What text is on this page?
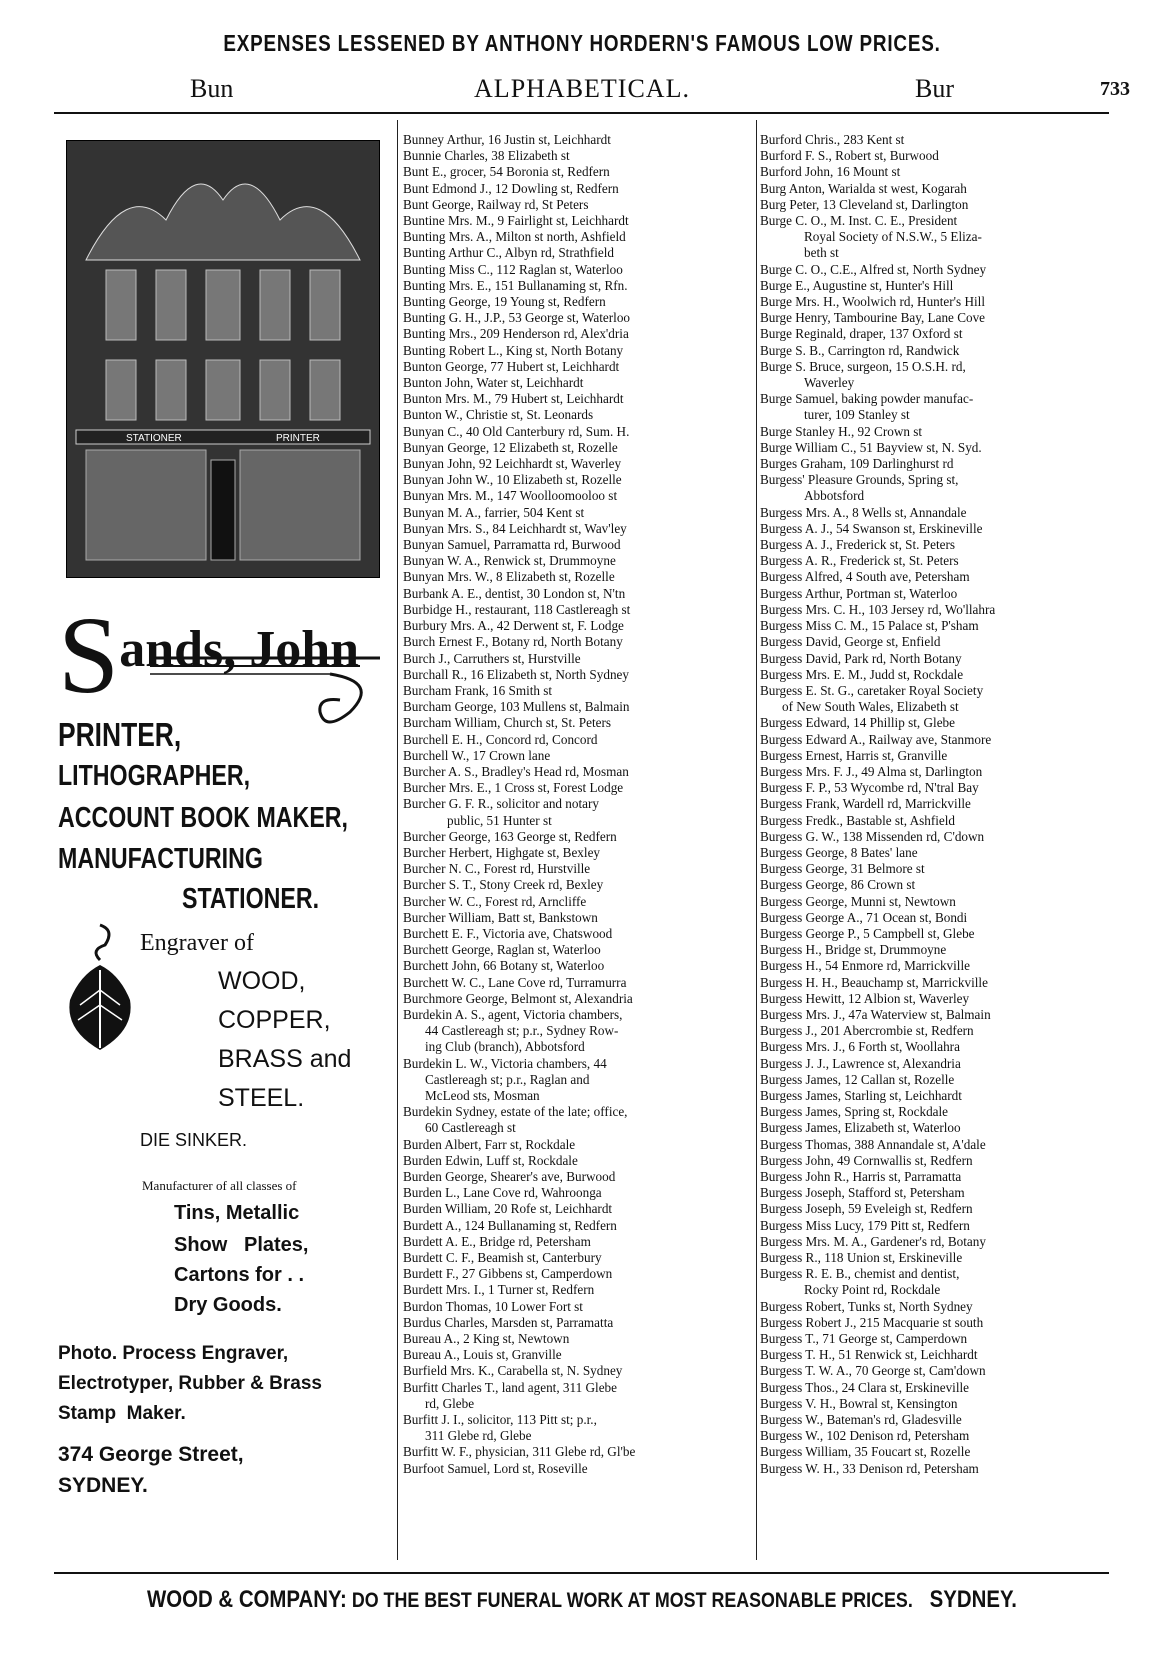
EXPENSES LESSENED BY ANTHONY HORDERN'S FAMOUS LOW PRICES.
Bun	ALPHABETICAL.	Bur	733
STATIONER	PRINTER
Sands, John
PRINTER,
LITHOGRAPHER,
ACCOUNT BOOK MAKER,
MANUFACTURING
STATIONER.
Engraver of
WOOD,
COPPER,
BRASS and
STEEL.
DIE SINKER.
Manufacturer of all classes of
Tins, Metallic
Show   Plates,
Cartons for . .
Dry Goods.
Photo. Process Engraver,
Electrotyper, Rubber & Brass
Stamp  Maker.
374 George Street,
SYDNEY.
Bunney Arthur, 16 Justin st, Leichhardt
Bunnie Charles, 38 Elizabeth st
Bunt E., grocer, 54 Boronia st, Redfern
Bunt Edmond J., 12 Dowling st, Redfern
Bunt George, Railway rd, St Peters
Buntine Mrs. M., 9 Fairlight st, Leichhardt
Bunting Mrs. A., Milton st north, Ashfield
Bunting Arthur C., Albyn rd, Strathfield
Bunting Miss C., 112 Raglan st, Waterloo
Bunting Mrs. E., 151 Bullanaming st, Rfn.
Bunting George, 19 Young st, Redfern
Bunting G. H., J.P., 53 George st, Waterloo
Bunting Mrs., 209 Henderson rd, Alex'dria
Bunting Robert L., King st, North Botany
Bunton George, 77 Hubert st, Leichhardt
Bunton John, Water st, Leichhardt
Bunton Mrs. M., 79 Hubert st, Leichhardt
Bunton W., Christie st, St. Leonards
Bunyan C., 40 Old Canterbury rd, Sum. H.
Bunyan George, 12 Elizabeth st, Rozelle
Bunyan John, 92 Leichhardt st, Waverley
Bunyan John W., 10 Elizabeth st, Rozelle
Bunyan Mrs. M., 147 Woolloomooloo st
Bunyan M. A., farrier, 504 Kent st
Bunyan Mrs. S., 84 Leichhardt st, Wav'ley
Bunyan Samuel, Parramatta rd, Burwood
Bunyan W. A., Renwick st, Drummoyne
Bunyan Mrs. W., 8 Elizabeth st, Rozelle
Burbank A. E., dentist, 30 London st, N'tn
Burbidge H., restaurant, 118 Castlereagh st
Burbury Mrs. A., 42 Derwent st, F. Lodge
Burch Ernest F., Botany rd, North Botany
Burch J., Carruthers st, Hurstville
Burchall R., 16 Elizabeth st, North Sydney
Burcham Frank, 16 Smith st
Burcham George, 103 Mullens st, Balmain
Burcham William, Church st, St. Peters
Burchell E. H., Concord rd, Concord
Burchell W., 17 Crown lane
Burcher A. S., Bradley's Head rd, Mosman
Burcher Mrs. E., 1 Cross st, Forest Lodge
Burcher G. F. R., solicitor and notary
public, 51 Hunter st
Burcher George, 163 George st, Redfern
Burcher Herbert, Highgate st, Bexley
Burcher N. C., Forest rd, Hurstville
Burcher S. T., Stony Creek rd, Bexley
Burcher W. C., Forest rd, Arncliffe
Burcher William, Batt st, Bankstown
Burchett E. F., Victoria ave, Chatswood
Burchett George, Raglan st, Waterloo
Burchett John, 66 Botany st, Waterloo
Burchett W. C., Lane Cove rd, Turramurra
Burchmore George, Belmont st, Alexandria
Burdekin A. S., agent, Victoria chambers,
44 Castlereagh st; p.r., Sydney Row-
ing Club (branch), Abbotsford
Burdekin L. W., Victoria chambers, 44
Castlereagh st; p.r., Raglan and
McLeod sts, Mosman
Burdekin Sydney, estate of the late; office,
60 Castlereagh st
Burden Albert, Farr st, Rockdale
Burden Edwin, Luff st, Rockdale
Burden George, Shearer's ave, Burwood
Burden L., Lane Cove rd, Wahroonga
Burden William, 20 Rofe st, Leichhardt
Burdett A., 124 Bullanaming st, Redfern
Burdett A. E., Bridge rd, Petersham
Burdett C. F., Beamish st, Canterbury
Burdett F., 27 Gibbens st, Camperdown
Burdett Mrs. I., 1 Turner st, Redfern
Burdon Thomas, 10 Lower Fort st
Burdus Charles, Marsden st, Parramatta
Bureau A., 2 King st, Newtown
Bureau A., Louis st, Granville
Burfield Mrs. K., Carabella st, N. Sydney
Burfitt Charles T., land agent, 311 Glebe
rd, Glebe
Burfitt J. I., solicitor, 113 Pitt st; p.r.,
311 Glebe rd, Glebe
Burfitt W. F., physician, 311 Glebe rd, Gl'be
Burfoot Samuel, Lord st, Roseville
Burford Chris., 283 Kent st
Burford F. S., Robert st, Burwood
Burford John, 16 Mount st
Burg Anton, Warialda st west, Kogarah
Burg Peter, 13 Cleveland st, Darlington
Burge C. O., M. Inst. C. E., President
Royal Society of N.S.W., 5 Eliza-
beth st
Burge C. O., C.E., Alfred st, North Sydney
Burge E., Augustine st, Hunter's Hill
Burge Mrs. H., Woolwich rd, Hunter's Hill
Burge Henry, Tambourine Bay, Lane Cove
Burge Reginald, draper, 137 Oxford st
Burge S. B., Carrington rd, Randwick
Burge S. Bruce, surgeon, 15 O.S.H. rd,
Waverley
Burge Samuel, baking powder manufac-
turer, 109 Stanley st
Burge Stanley H., 92 Crown st
Burge William C., 51 Bayview st, N. Syd.
Burges Graham, 109 Darlinghurst rd
Burgess' Pleasure Grounds, Spring st,
Abbotsford
Burgess Mrs. A., 8 Wells st, Annandale
Burgess A. J., 54 Swanson st, Erskineville
Burgess A. J., Frederick st, St. Peters
Burgess A. R., Frederick st, St. Peters
Burgess Alfred, 4 South ave, Petersham
Burgess Arthur, Portman st, Waterloo
Burgess Mrs. C. H., 103 Jersey rd, Wo'llahra
Burgess Miss C. M., 15 Palace st, P'sham
Burgess David, George st, Enfield
Burgess David, Park rd, North Botany
Burgess Mrs. E. M., Judd st, Rockdale
Burgess E. St. G., caretaker Royal Society
of New South Wales, Elizabeth st
Burgess Edward, 14 Phillip st, Glebe
Burgess Edward A., Railway ave, Stanmore
Burgess Ernest, Harris st, Granville
Burgess Mrs. F. J., 49 Alma st, Darlington
Burgess F. P., 53 Wycombe rd, N'tral Bay
Burgess Frank, Wardell rd, Marrickville
Burgess Fredk., Bastable st, Ashfield
Burgess G. W., 138 Missenden rd, C'down
Burgess George, 8 Bates' lane
Burgess George, 31 Belmore st
Burgess George, 86 Crown st
Burgess George, Munni st, Newtown
Burgess George A., 71 Ocean st, Bondi
Burgess George P., 5 Campbell st, Glebe
Burgess H., Bridge st, Drummoyne
Burgess H., 54 Enmore rd, Marrickville
Burgess H. H., Beauchamp st, Marrickville
Burgess Hewitt, 12 Albion st, Waverley
Burgess Mrs. J., 47a Waterview st, Balmain
Burgess J., 201 Abercrombie st, Redfern
Burgess Mrs. J., 6 Forth st, Woollahra
Burgess J. J., Lawrence st, Alexandria
Burgess James, 12 Callan st, Rozelle
Burgess James, Starling st, Leichhardt
Burgess James, Spring st, Rockdale
Burgess James, Elizabeth st, Waterloo
Burgess Thomas, 388 Annandale st, A'dale
Burgess John, 49 Cornwallis st, Redfern
Burgess John R., Harris st, Parramatta
Burgess Joseph, Stafford st, Petersham
Burgess Joseph, 59 Eveleigh st, Redfern
Burgess Miss Lucy, 179 Pitt st, Redfern
Burgess Mrs. M. A., Gardener's rd, Botany
Burgess R., 118 Union st, Erskineville
Burgess R. E. B., chemist and dentist,
Rocky Point rd, Rockdale
Burgess Robert, Tunks st, North Sydney
Burgess Robert J., 215 Macquarie st south
Burgess T., 71 George st, Camperdown
Burgess T. H., 51 Renwick st, Leichhardt
Burgess T. W. A., 70 George st, Cam'down
Burgess Thos., 24 Clara st, Erskineville
Burgess V. H., Bowral st, Kensington
Burgess W., Bateman's rd, Gladesville
Burgess W., 102 Denison rd, Petersham
Burgess William, 35 Foucart st, Rozelle
Burgess W. H., 33 Denison rd, Petersham
WOOD & COMPANY: DO THE BEST FUNERAL WORK AT MOST REASONABLE PRICES. SYDNEY.
